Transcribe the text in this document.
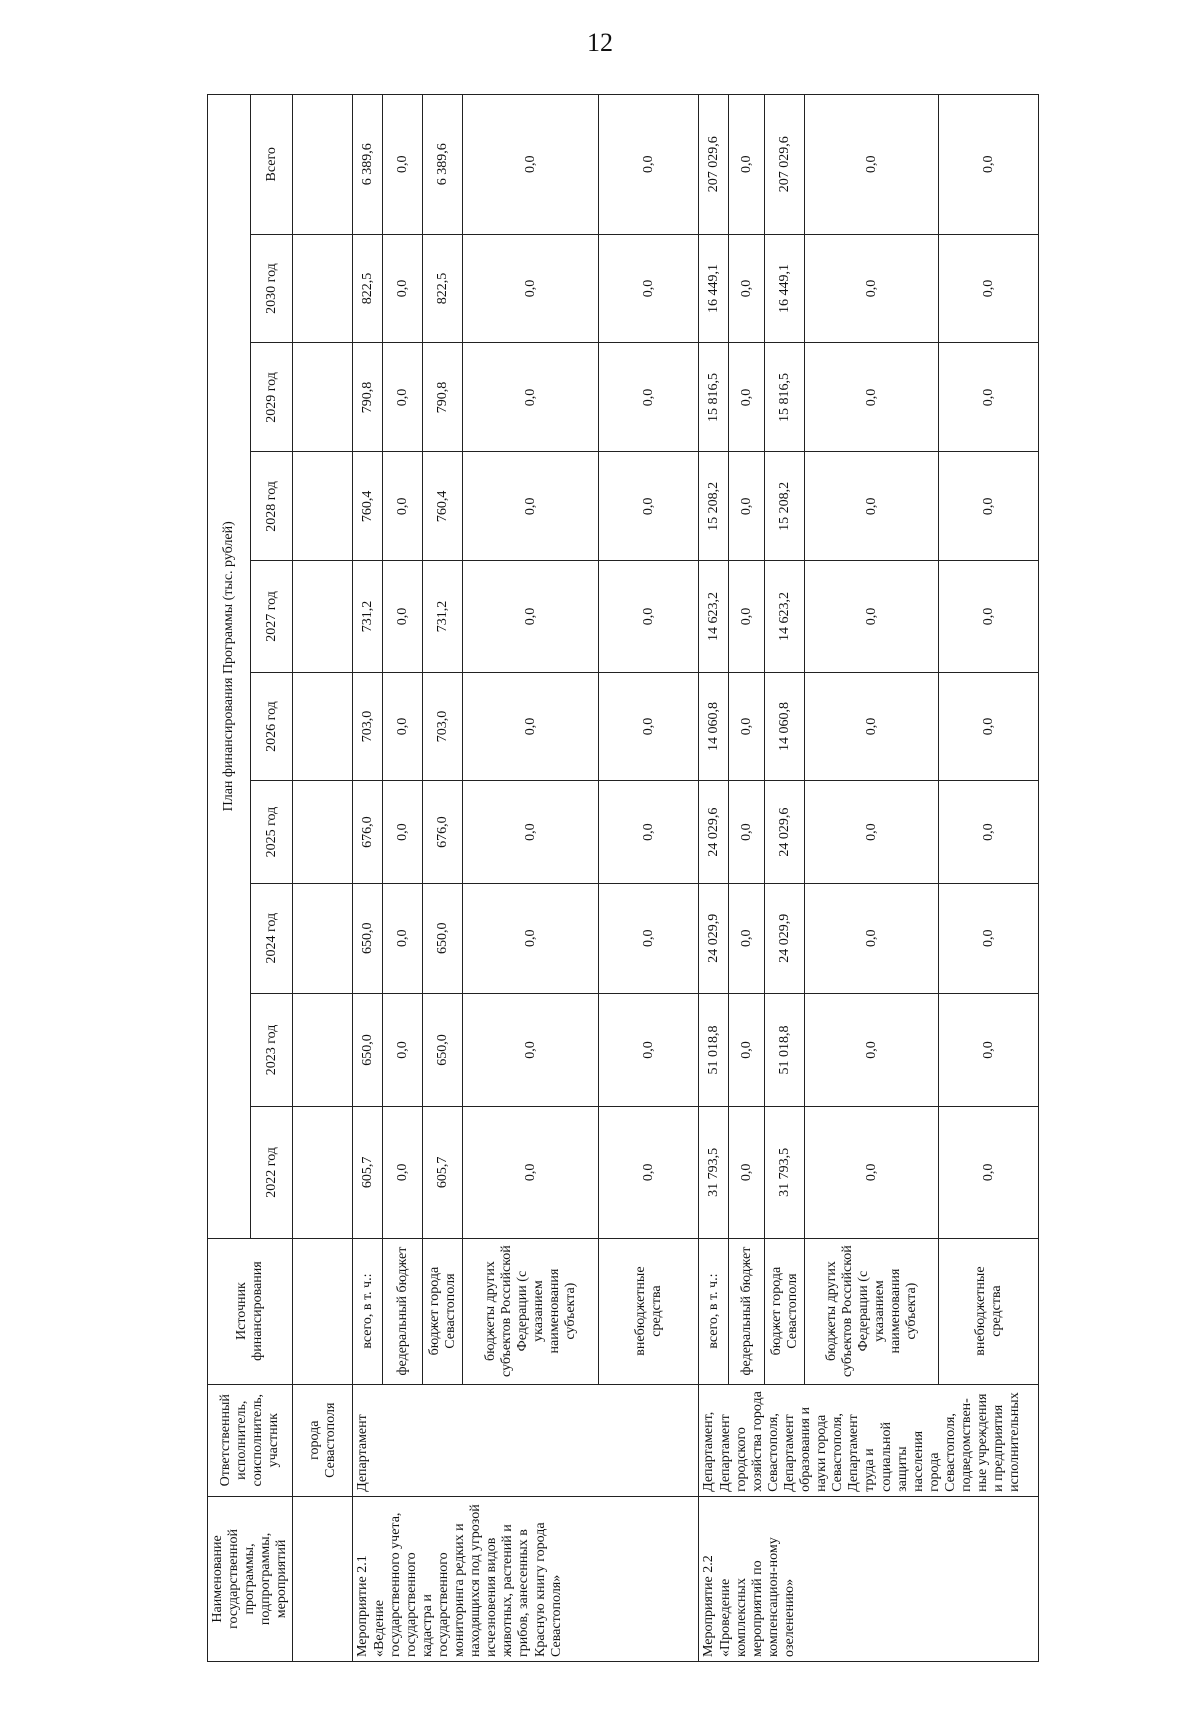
12
Наименование государственной программы, подпрограммы, мероприятий	Ответственный исполнитель, соисполнитель, участник	Источник финансирования	План финансирования Программы (тыс. рублей)									
			2022 год	2023 год	2024 год	2025 год	2026 год	2027 год	2028 год	2029 год	2030 год	Всего
	города Севастополя											
Мероприятие 2.1 «Ведение государственного учета, государственного кадастра и государственного мониторинга редких и находящихся под угрозой исчезновения видов животных, растений и грибов, занесенных в Красную книгу города Севастополя»	Департамент	всего, в т. ч.:	605,7	650,0	650,0	676,0	703,0	731,2	760,4	790,8	822,5	6 389,6
		федеральный бюджет	0,0	0,0	0,0	0,0	0,0	0,0	0,0	0,0	0,0	0,0
		бюджет города Севастополя	605,7	650,0	650,0	676,0	703,0	731,2	760,4	790,8	822,5	6 389,6
		бюджеты других субъектов Российской Федерации (с указанием наименования субъекта)	0,0	0,0	0,0	0,0	0,0	0,0	0,0	0,0	0,0	0,0
		внебюджетные средства	0,0	0,0	0,0	0,0	0,0	0,0	0,0	0,0	0,0	0,0
Мероприятие 2.2 «Проведение комплексных мероприятий по компенсацион-ному озеленению»	Департамент, Департамент городского хозяйства города Севастополя, Департамент образования и науки города Севастополя, Департамент труда и социальной защиты населения города Севастополя, подведомствен-ные учреждения и предприятия исполнительных	всего, в т. ч.:	31 793,5	51 018,8	24 029,9	24 029,6	14 060,8	14 623,2	15 208,2	15 816,5	16 449,1	207 029,6
		федеральный бюджет	0,0	0,0	0,0	0,0	0,0	0,0	0,0	0,0	0,0	0,0
		бюджет города Севастополя	31 793,5	51 018,8	24 029,9	24 029,6	14 060,8	14 623,2	15 208,2	15 816,5	16 449,1	207 029,6
		бюджеты других субъектов Российской Федерации (с указанием наименования субъекта)	0,0	0,0	0,0	0,0	0,0	0,0	0,0	0,0	0,0	0,0
		внебюджетные средства	0,0	0,0	0,0	0,0	0,0	0,0	0,0	0,0	0,0	0,0
